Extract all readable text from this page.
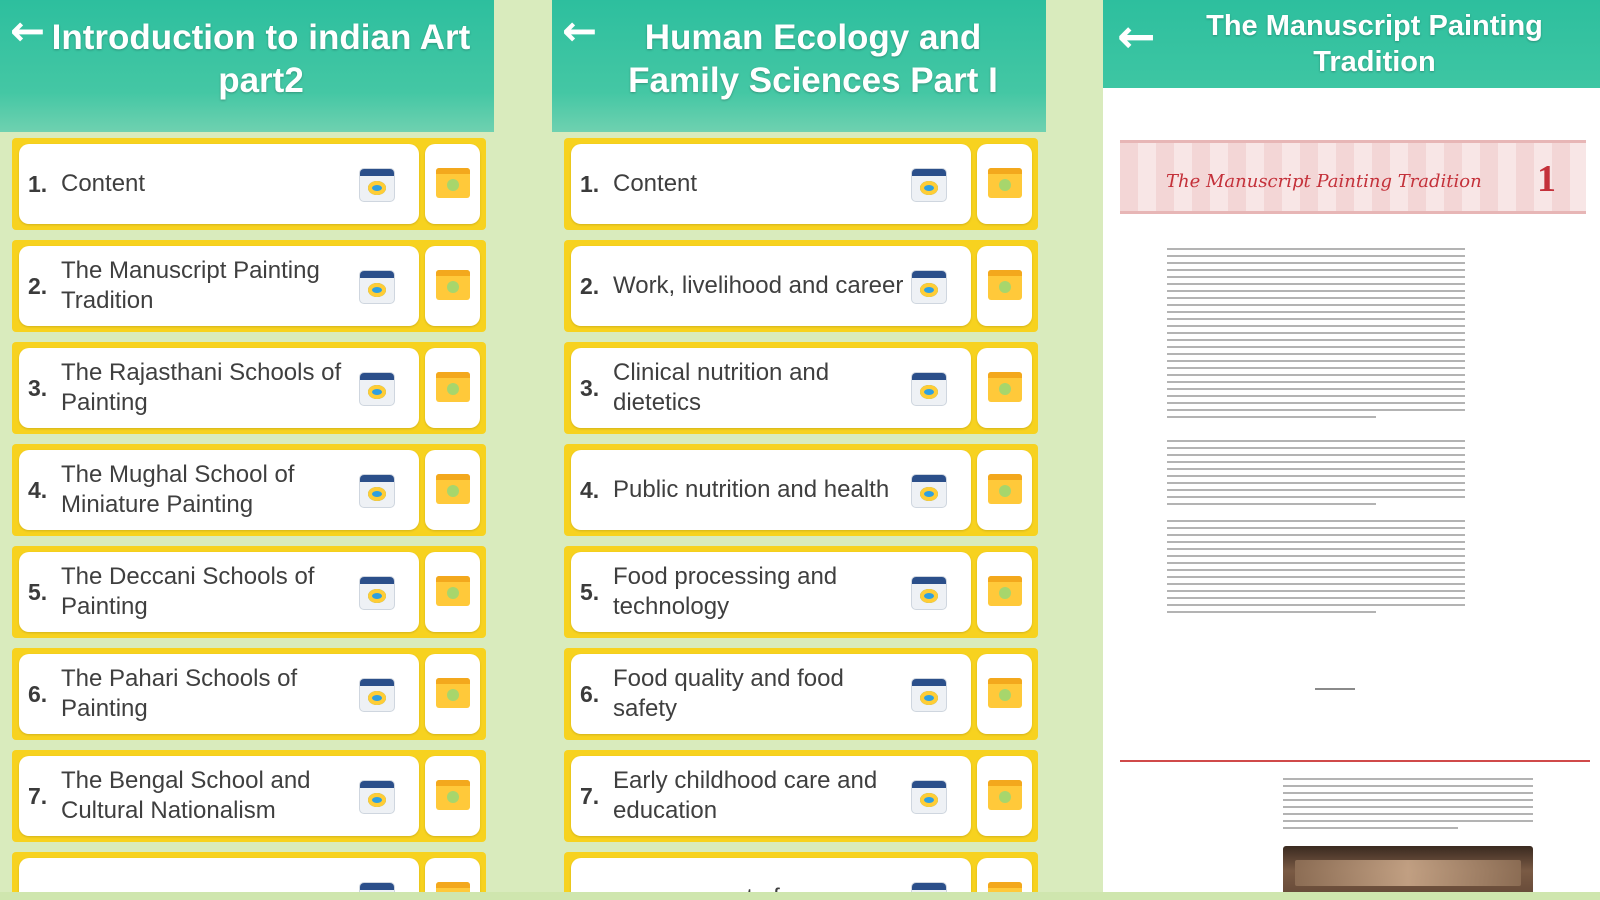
← Introduction to indian Art part2
1. Content
2.
The Manuscript Painting Tradition
3.
The Rajasthani Schools of Painting
4.
The Mughal School of Miniature Painting
5.
The Deccani Schools of Painting
6.
The Pahari Schools of Painting
7.
The Bengal School and Cultural Nationalism
←	Human Ecology and Family Sciences Part I
1. Content
2. Work, livelihood and career
3.
Clinical nutrition and dietetics
4. Public nutrition and health
5.
Food processing and technology
6.
Food quality and food safety
7.
Early childhood care and education
←	The Manuscript Painting Tradition
The Manuscript Painting Tradition 1
